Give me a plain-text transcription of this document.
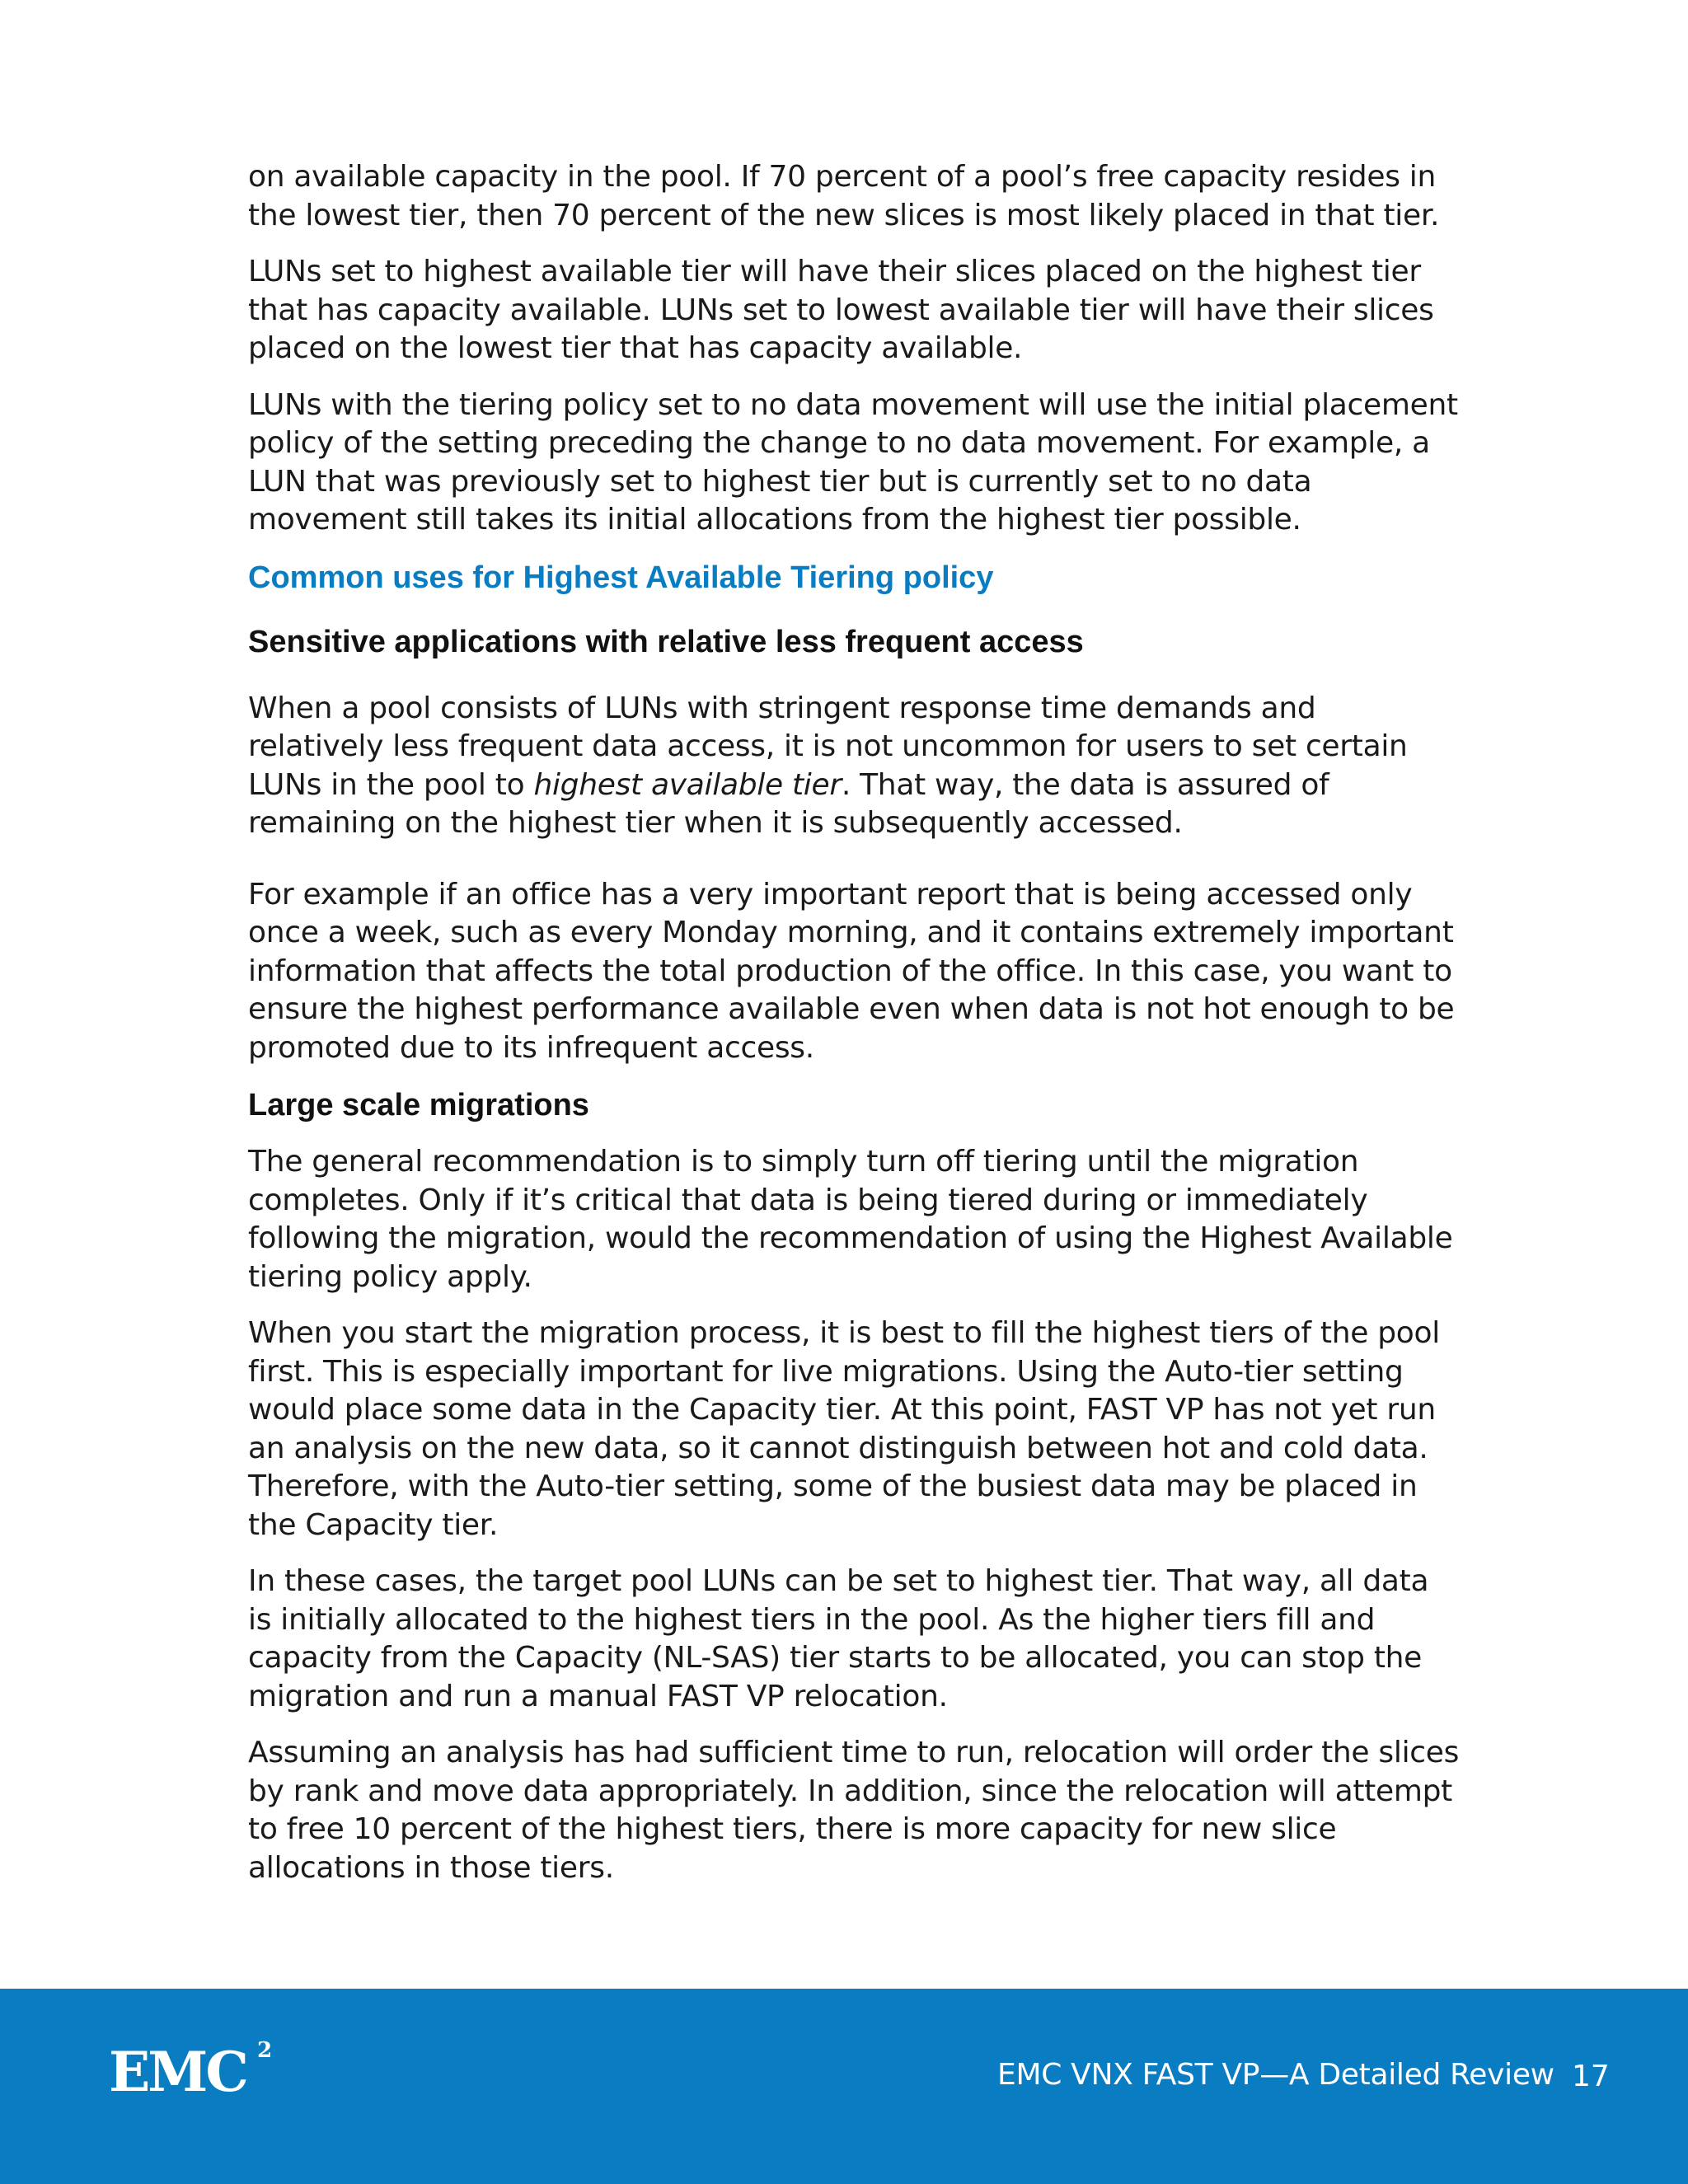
on available capacity in the pool. If 70 percent of a pool’s free capacity resides in the lowest tier, then 70 percent of the new slices is most likely placed in that tier.

LUNs set to highest available tier will have their slices placed on the highest tier that has capacity available. LUNs set to lowest available tier will have their slices placed on the lowest tier that has capacity available.

LUNs with the tiering policy set to no data movement will use the initial placement policy of the setting preceding the change to no data movement. For example, a LUN that was previously set to highest tier but is currently set to no data movement still takes its initial allocations from the highest tier possible.

Common uses for Highest Available Tiering policy
Sensitive applications with relative less frequent access

When a pool consists of LUNs with stringent response time demands and relatively less frequent data access, it is not uncommon for users to set certain LUNs in the pool to highest available tier. That way, the data is assured of remaining on the highest tier when it is subsequently accessed.

For example if an office has a very important report that is being accessed only once a week, such as every Monday morning, and it contains extremely important information that affects the total production of the office. In this case, you want to ensure the highest performance available even when data is not hot enough to be promoted due to its infrequent access.

Large scale migrations

The general recommendation is to simply turn off tiering until the migration completes. Only if it’s critical that data is being tiered during or immediately following the migration, would the recommendation of using the Highest Available tiering policy apply.

When you start the migration process, it is best to fill the highest tiers of the pool first. This is especially important for live migrations. Using the Auto-tier setting would place some data in the Capacity tier. At this point, FAST VP has not yet run an analysis on the new data, so it cannot distinguish between hot and cold data. Therefore, with the Auto-tier setting, some of the busiest data may be placed in the Capacity tier.

In these cases, the target pool LUNs can be set to highest tier. That way, all data is initially allocated to the highest tiers in the pool. As the higher tiers fill and capacity from the Capacity (NL-SAS) tier starts to be allocated, you can stop the migration and run a manual FAST VP relocation.

Assuming an analysis has had sufficient time to run, relocation will order the slices by rank and move data appropriately. In addition, since the relocation will attempt to free 10 percent of the highest tiers, there is more capacity for new slice allocations in those tiers.

EMC 2
EMC VNX FAST VP—A Detailed Review 17
